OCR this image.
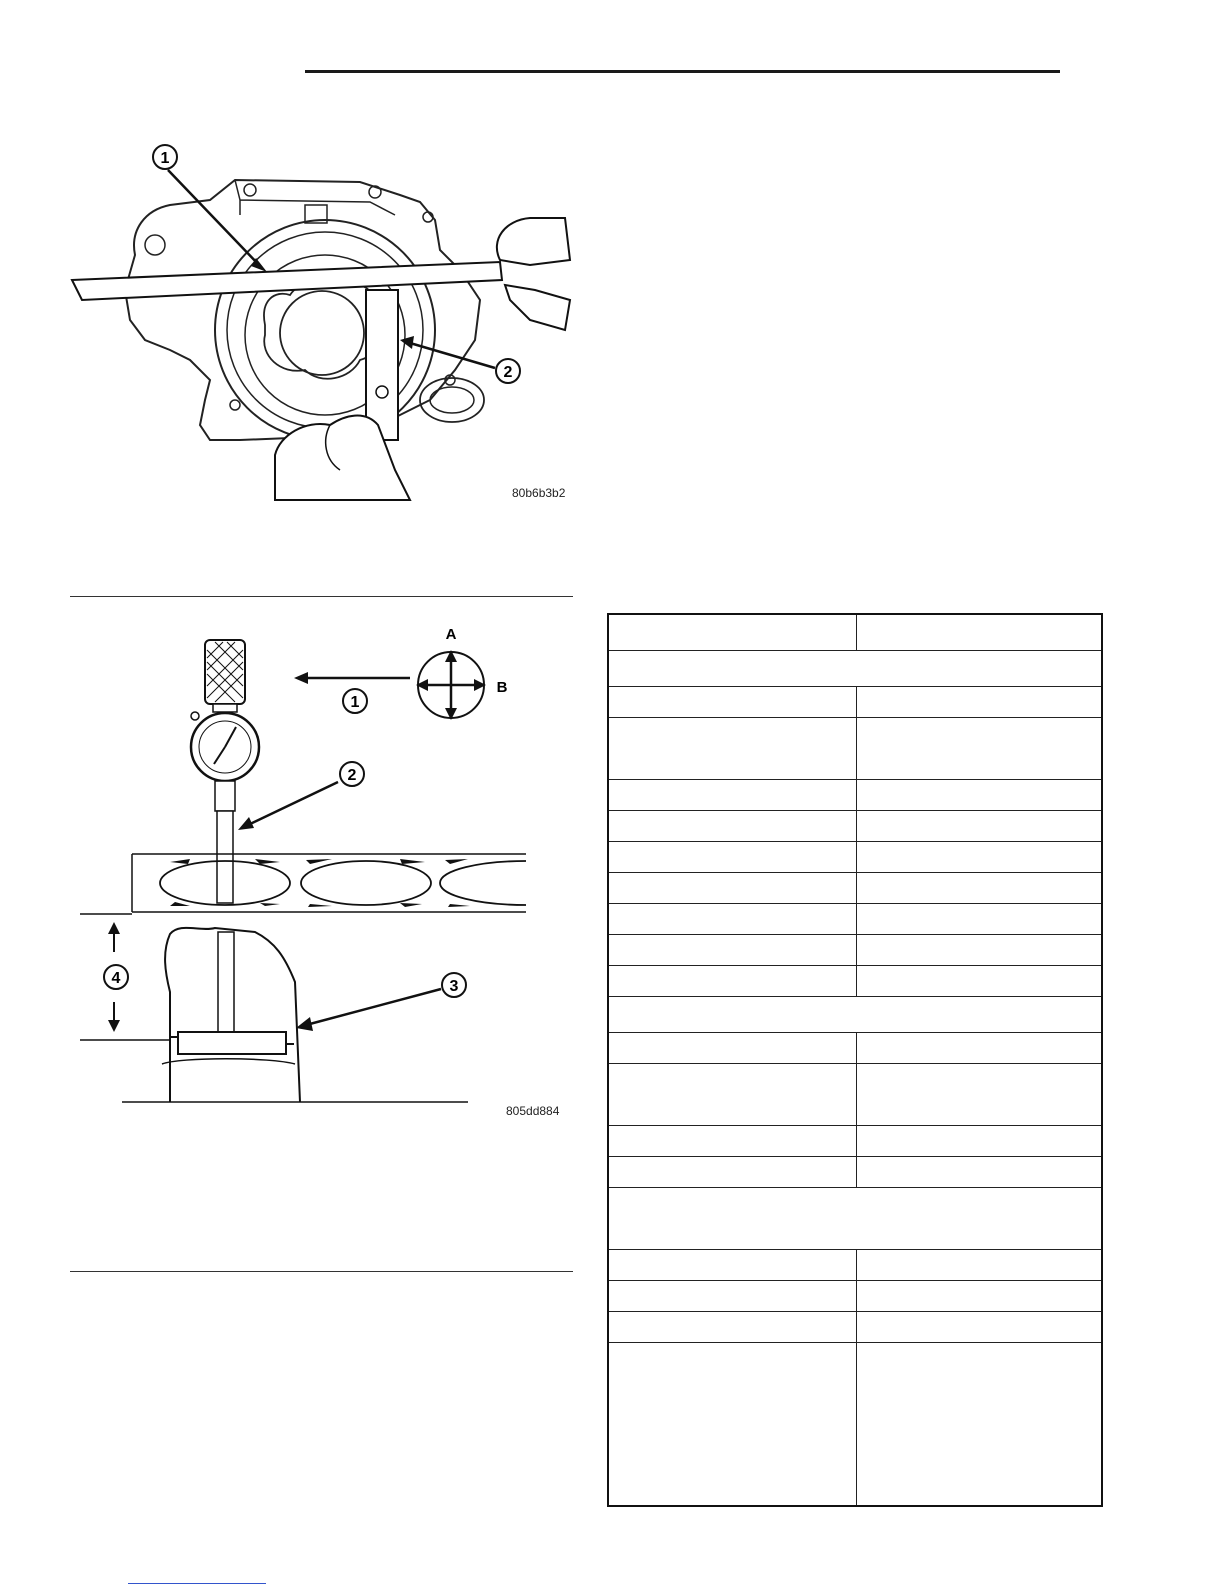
1
2
80b6b3b2
4	3
2
1
A
B
805dd884
